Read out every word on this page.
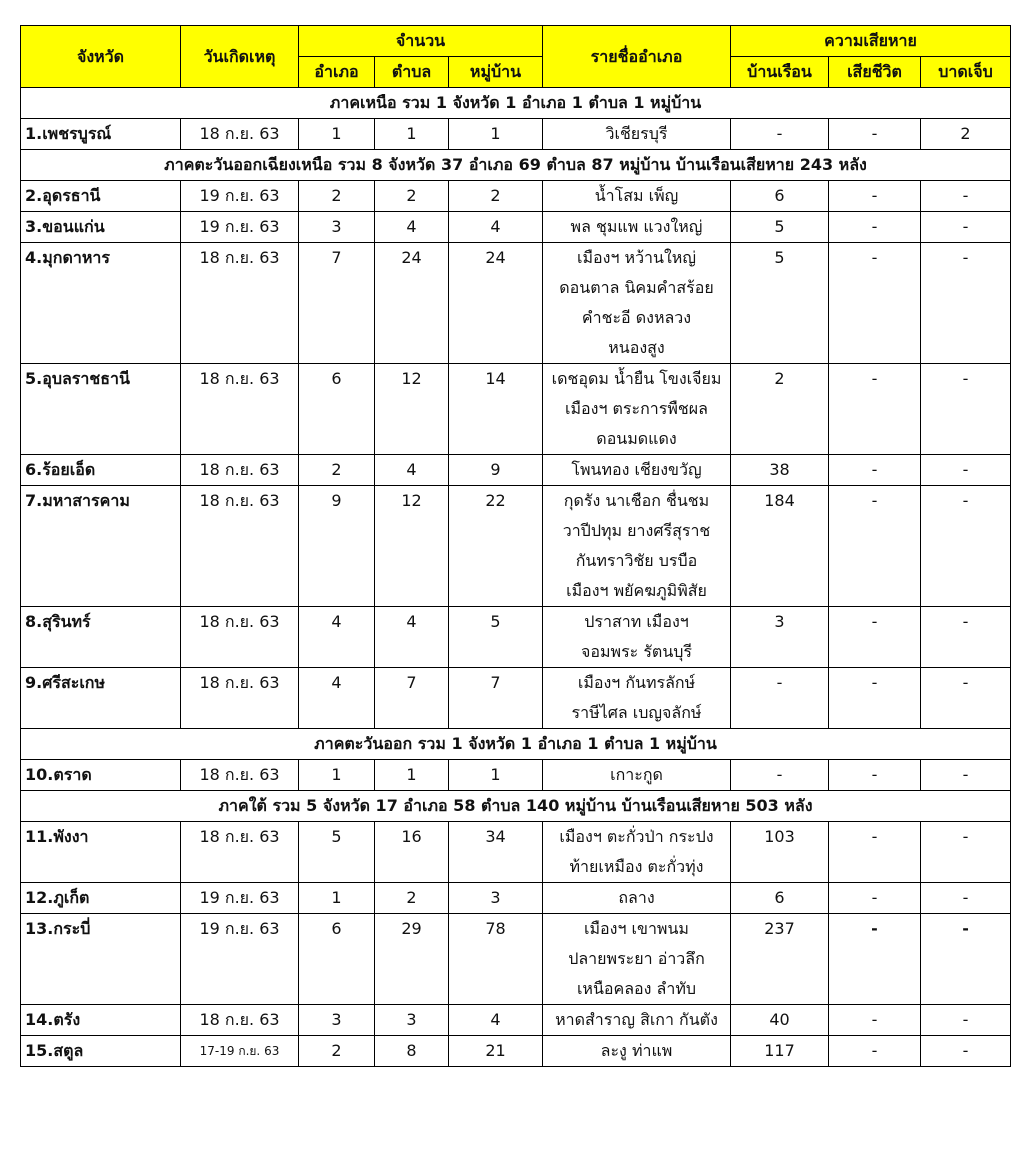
จังหวัด	วันเกิดเหตุ	จำนวน			รายชื่ออำเภอ	ความเสียหาย		
		อำเภอ	ตำบล	หมู่บ้าน		บ้านเรือน	เสียชีวิต	บาดเจ็บ
ภาคเหนือ รวม 1 จังหวัด 1 อำเภอ 1 ตำบล 1 หมู่บ้าน								
1.เพชรบูรณ์	18 ก.ย. 63	1	1	1	วิเชียรบุรี	-	-	2
ภาคตะวันออกเฉียงเหนือ รวม 8 จังหวัด 37 อำเภอ 69 ตำบล 87 หมู่บ้าน บ้านเรือนเสียหาย 243 หลัง								
2.อุดรธานี	19 ก.ย. 63	2	2	2	น้ำโสม เพ็ญ	6	-	-
3.ขอนแก่น	19 ก.ย. 63	3	4	4	พล ชุมแพ แวงใหญ่	5	-	-
4.มุกดาหาร	18 ก.ย. 63	7	24	24	เมืองฯ หว้านใหญ่
ดอนตาล นิคมคำสร้อย
คำชะอี ดงหลวง
หนองสูง	5	-	-
5.อุบลราชธานี	18 ก.ย. 63	6	12	14	เดชอุดม น้ำยืน โขงเจียม
เมืองฯ ตระการพืชผล
ดอนมดแดง	2	-	-
6.ร้อยเอ็ด	18 ก.ย. 63	2	4	9	โพนทอง เชียงขวัญ	38	-	-
7.มหาสารคาม	18 ก.ย. 63	9	12	22	กุดรัง นาเชือก ชื่นชม
วาปีปทุม ยางศรีสุราช
กันทราวิชัย บรบือ
เมืองฯ พยัคฆภูมิพิสัย	184	-	-
8.สุรินทร์	18 ก.ย. 63	4	4	5	ปราสาท เมืองฯ
จอมพระ รัตนบุรี	3	-	-
9.ศรีสะเกษ	18 ก.ย. 63	4	7	7	เมืองฯ กันทรลักษ์
ราษีไศล เบญจลักษ์	-	-	-
ภาคตะวันออก รวม 1 จังหวัด 1 อำเภอ 1 ตำบล 1 หมู่บ้าน								
10.ตราด	18 ก.ย. 63	1	1	1	เกาะกูด	-	-	-
ภาคใต้ รวม 5 จังหวัด 17 อำเภอ 58 ตำบล 140 หมู่บ้าน บ้านเรือนเสียหาย 503 หลัง								
11.พังงา	18 ก.ย. 63	5	16	34	เมืองฯ ตะกั่วป่า กระปง
ท้ายเหมือง ตะกั่วทุ่ง	103	-	-
12.ภูเก็ต	19 ก.ย. 63	1	2	3	ถลาง	6	-	-
13.กระบี่	19 ก.ย. 63	6	29	78	เมืองฯ เขาพนม
ปลายพระยา อ่าวลึก
เหนือคลอง ลำทับ	237	-	-
14.ตรัง	18 ก.ย. 63	3	3	4	หาดสำราญ สิเกา กันตัง	40	-	-
15.สตูล	17-19 ก.ย. 63	2	8	21	ละงู ท่าแพ	117	-	-
